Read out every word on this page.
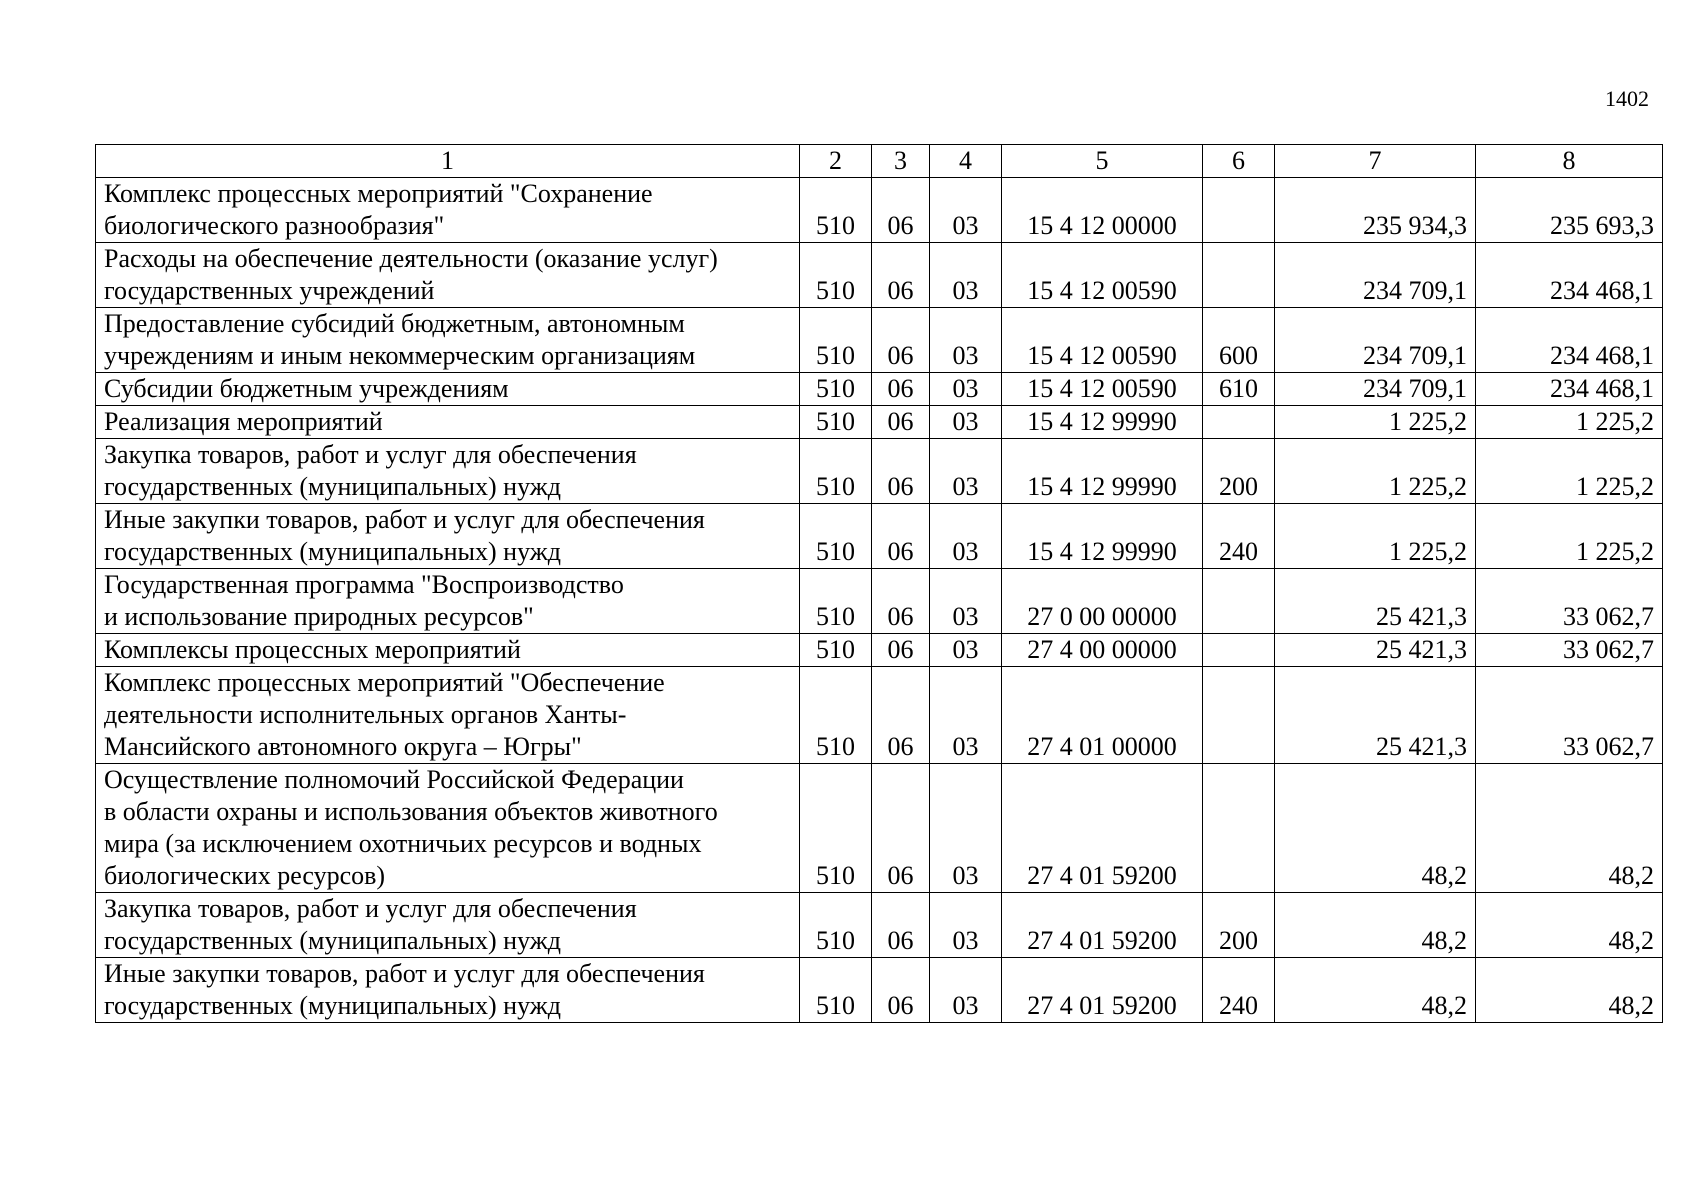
1402
1	2	3	4	5	6	7	8

Комплекс процессных мероприятий "Сохранение
биологического разнообразия"	510	06	03	15 4 12 00000		235 934,3	235 693,3

Расходы на обеспечение деятельности (оказание услуг)
государственных учреждений	510	06	03	15 4 12 00590		234 709,1	234 468,1

Предоставление субсидий бюджетным, автономным
учреждениям и иным некоммерческим организациям	510	06	03	15 4 12 00590	600	234 709,1	234 468,1

Субсидии бюджетным учреждениям	510	06	03	15 4 12 00590	610	234 709,1	234 468,1

Реализация мероприятий	510	06	03	15 4 12 99990		1 225,2	1 225,2

Закупка товаров, работ и услуг для обеспечения
государственных (муниципальных) нужд	510	06	03	15 4 12 99990	200	1 225,2	1 225,2

Иные закупки товаров, работ и услуг для обеспечения
государственных (муниципальных) нужд	510	06	03	15 4 12 99990	240	1 225,2	1 225,2

Государственная программа "Воспроизводство
и использование природных ресурсов"	510	06	03	27 0 00 00000		25 421,3	33 062,7

Комплексы процессных мероприятий	510	06	03	27 4 00 00000		25 421,3	33 062,7

Комплекс процессных мероприятий "Обеспечение
деятельности исполнительных органов Ханты-
Мансийского автономного округа – Югры"	510	06	03	27 4 01 00000		25 421,3	33 062,7

Осуществление полномочий Российской Федерации
в области охраны и использования объектов животного
мира (за исключением охотничьих ресурсов и водных
биологических ресурсов)	510	06	03	27 4 01 59200		48,2	48,2

Закупка товаров, работ и услуг для обеспечения
государственных (муниципальных) нужд	510	06	03	27 4 01 59200	200	48,2	48,2

Иные закупки товаров, работ и услуг для обеспечения
государственных (муниципальных) нужд	510	06	03	27 4 01 59200	240	48,2	48,2
